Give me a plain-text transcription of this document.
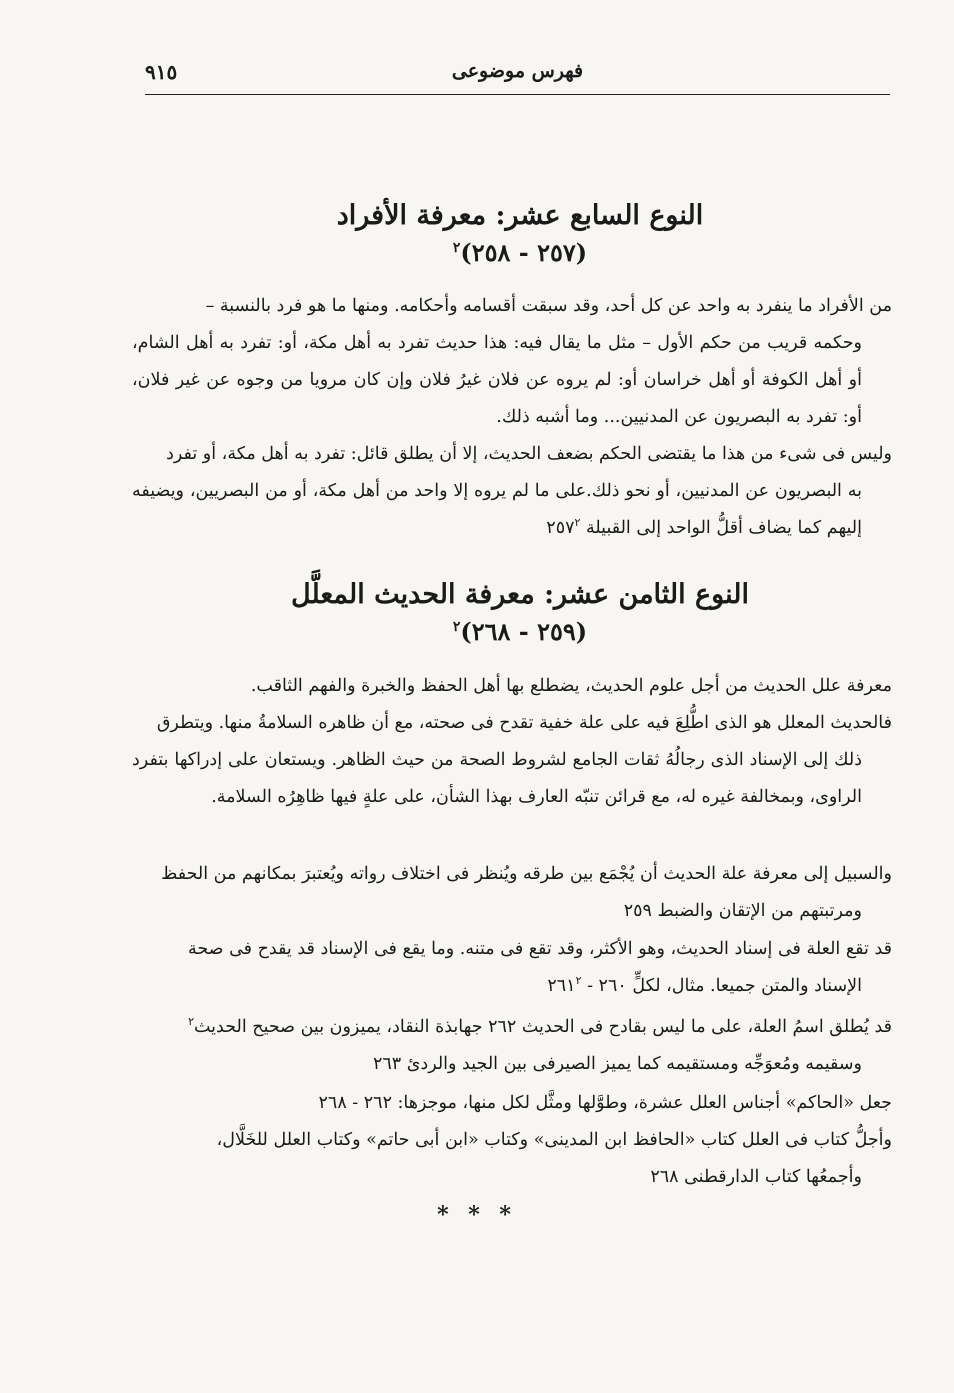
فهرس موضوعى
٩١٥
النوع السابع عشر: معرفة الأفراد
(٢٥٧ - ٢٥٨)$^٢$
من الأفراد ما ينفرد به واحد عن كل أحد، وقد سبقت أقسامه وأحكامه. ومنها ما هو فرد بالنسبة –
وحكمه قريب من حكم الأول – مثل ما يقال فيه: هذا حديث تفرد به أهل مكة، أو: تفرد به أهل الشام، أو أهل الكوفة أو أهل خراسان أو: لم يروه عن فلان غيرُ فلان وإن كان مرويا من وجوه عن غير فلان، أو: تفرد به البصريون عن المدنيين... وما أشبه ذلك.
وليس فى شىء من هذا ما يقتضى الحكم بضعف الحديث، إلا أن يطلق قائل: تفرد به أهل مكة، أو تفرد
به البصريون عن المدنيين، أو نحو ذلك.على ما لم يروه إلا واحد من أهل مكة، أو من البصريين، ويضيفه إليهم كما يضاف أقلُّ الواحد إلى القبيلة $٢٥٧^٢$
النوع الثامن عشر: معرفة الحديث المعلَّل
(٢٥٩ - ٢٦٨)$^٢$
معرفة علل الحديث من أجل علوم الحديث، يضطلع بها أهل الحفظ والخبرة والفهم الثاقب.
فالحديث المعلل هو الذى اطُّلِعَ فيه على علة خفية تقدح فى صحته، مع أن ظاهره السلامةُ منها. ويتطرق
ذلك إلى الإسناد الذى رجالُهُ ثقات الجامع لشروط الصحة من حيث الظاهر. ويستعان على إدراكها بتفرد الراوى، وبمخالفة غيره له، مع قرائن تنبّه العارف بهذا الشأن، على علةٍ فيها ظاهِرُه السلامة.
والسبيل إلى معرفة علة الحديث أن يُجْمَع بين طرقه ويُنظر فى اختلاف رواته ويُعتبرَ بمكانهم من الحفظ
ومرتبتهم من الإتقان والضبط ٢٥٩
قد تقع العلة فى إسناد الحديث، وهو الأكثر، وقد تقع فى متنه. وما يقع فى الإسناد قد يقدح فى صحة
الإسناد والمتن جميعا. مثال، لكلٍّ ٢٦٠ - $٢٦١^٢$
قد يُطلق اسمُ العلة، على ما ليس بقادح فى الحديث ٢٦٢ جهابذة النقاد، يميزون بين صحيح الحديث$^٢$
وسقيمه ومُعوَجِّه ومستقيمه كما يميز الصيرفى بين الجيد والردئ ٢٦٣
جعل «الحاكم» أجناس العلل عشرة، وطوَّلها ومثَّل لكل منها، موجزها: ٢٦٢ - ٢٦٨
وأجلُّ كتاب فى العلل كتاب «الحافظ ابن المدينى» وكتاب «ابن أبى حاتم» وكتاب العلل للخَلَّال،
وأجمعُها كتاب الدارقطنى ٢٦٨
* * *
